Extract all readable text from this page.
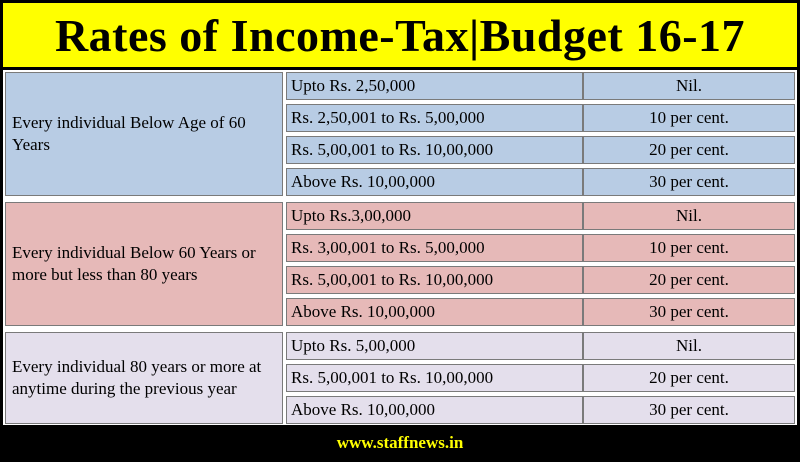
Rates of Income-Tax|Budget 16-17
Every individual Below Age of 60 Years
Upto Rs. 2,50,000	Nil.
Rs. 2,50,001 to Rs. 5,00,000	10 per cent.
Rs. 5,00,001 to Rs. 10,00,000	20 per cent.
Above Rs. 10,00,000	30 per cent.
Every individual Below 60 Years or more but less than 80 years
Upto Rs.3,00,000	Nil.
Rs. 3,00,001 to Rs. 5,00,000	10 per cent.
Rs. 5,00,001 to Rs. 10,00,000	20 per cent.
Above Rs. 10,00,000	30 per cent.
Every individual 80 years or more at anytime during the previous year
Upto Rs. 5,00,000	Nil.
Rs. 5,00,001 to Rs. 10,00,000	20 per cent.
Above Rs. 10,00,000	30 per cent.
www.staffnews.in
